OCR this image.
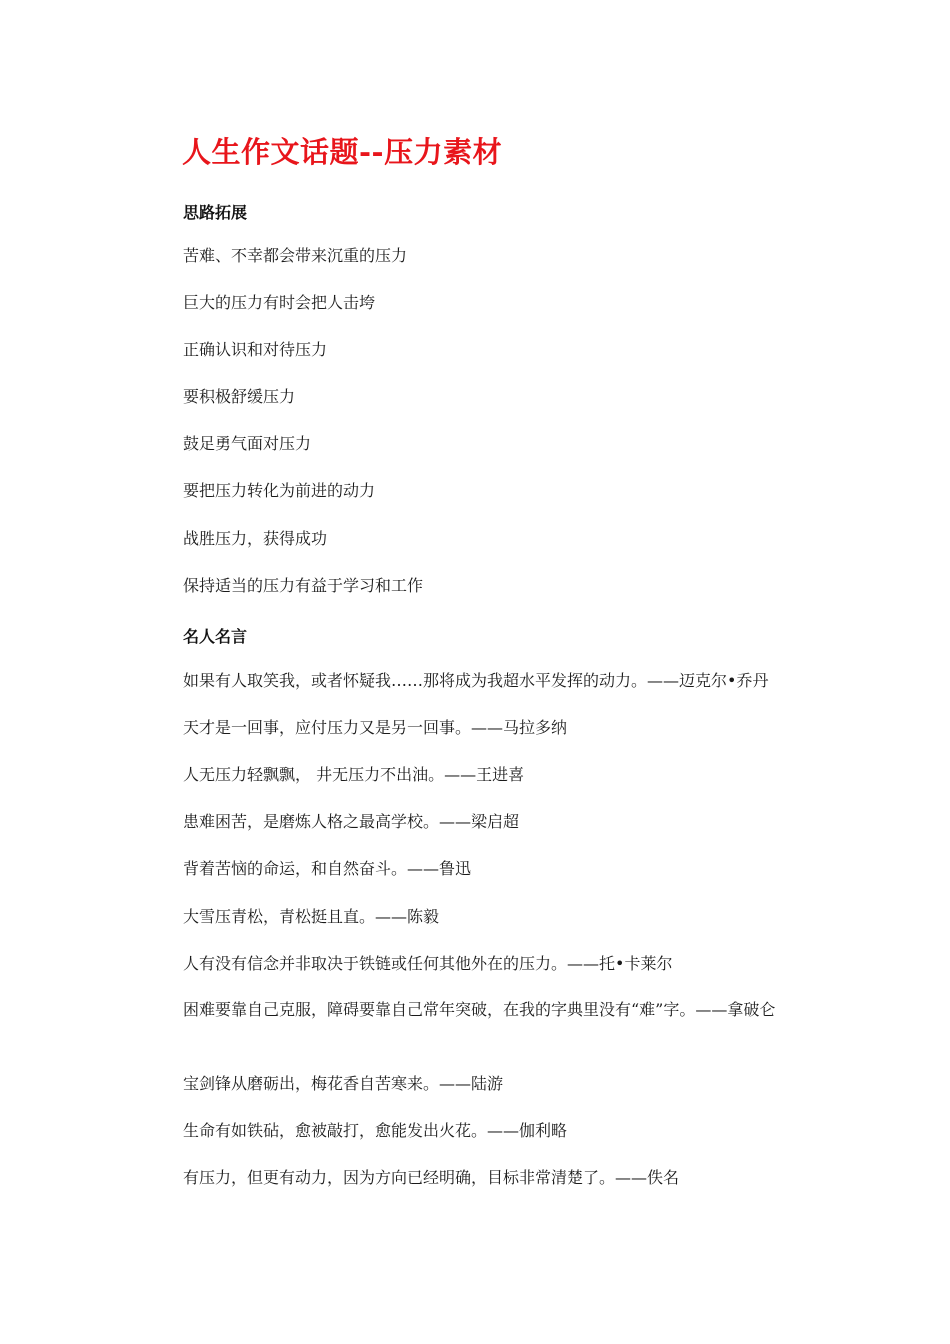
人生作文话题--压力素材
思路拓展

苦难、不幸都会带来沉重的压力

巨大的压力有时会把人击垮

正确认识和对待压力

要积极舒缓压力

鼓足勇气面对压力

要把压力转化为前进的动力

战胜压力，获得成功

保持适当的压力有益于学习和工作

名人名言

如果有人取笑我，或者怀疑我……那将成为我超水平发挥的动力。——迈克尔•乔丹

天才是一回事，应付压力又是另一回事。——马拉多纳

人无压力轻飘飘， 井无压力不出油。——王进喜

患难困苦，是磨炼人格之最高学校。——梁启超

背着苦恼的命运，和自然奋斗。——鲁迅

大雪压青松，青松挺且直。——陈毅

人有没有信念并非取决于铁链或任何其他外在的压力。——托•卡莱尔

困难要靠自己克服，障碍要靠自己常年突破，在我的字典里没有“难”字。——拿破仑

宝剑锋从磨砺出，梅花香自苦寒来。——陆游

生命有如铁砧，愈被敲打，愈能发出火花。——伽利略

有压力，但更有动力，因为方向已经明确，目标非常清楚了。——佚名
